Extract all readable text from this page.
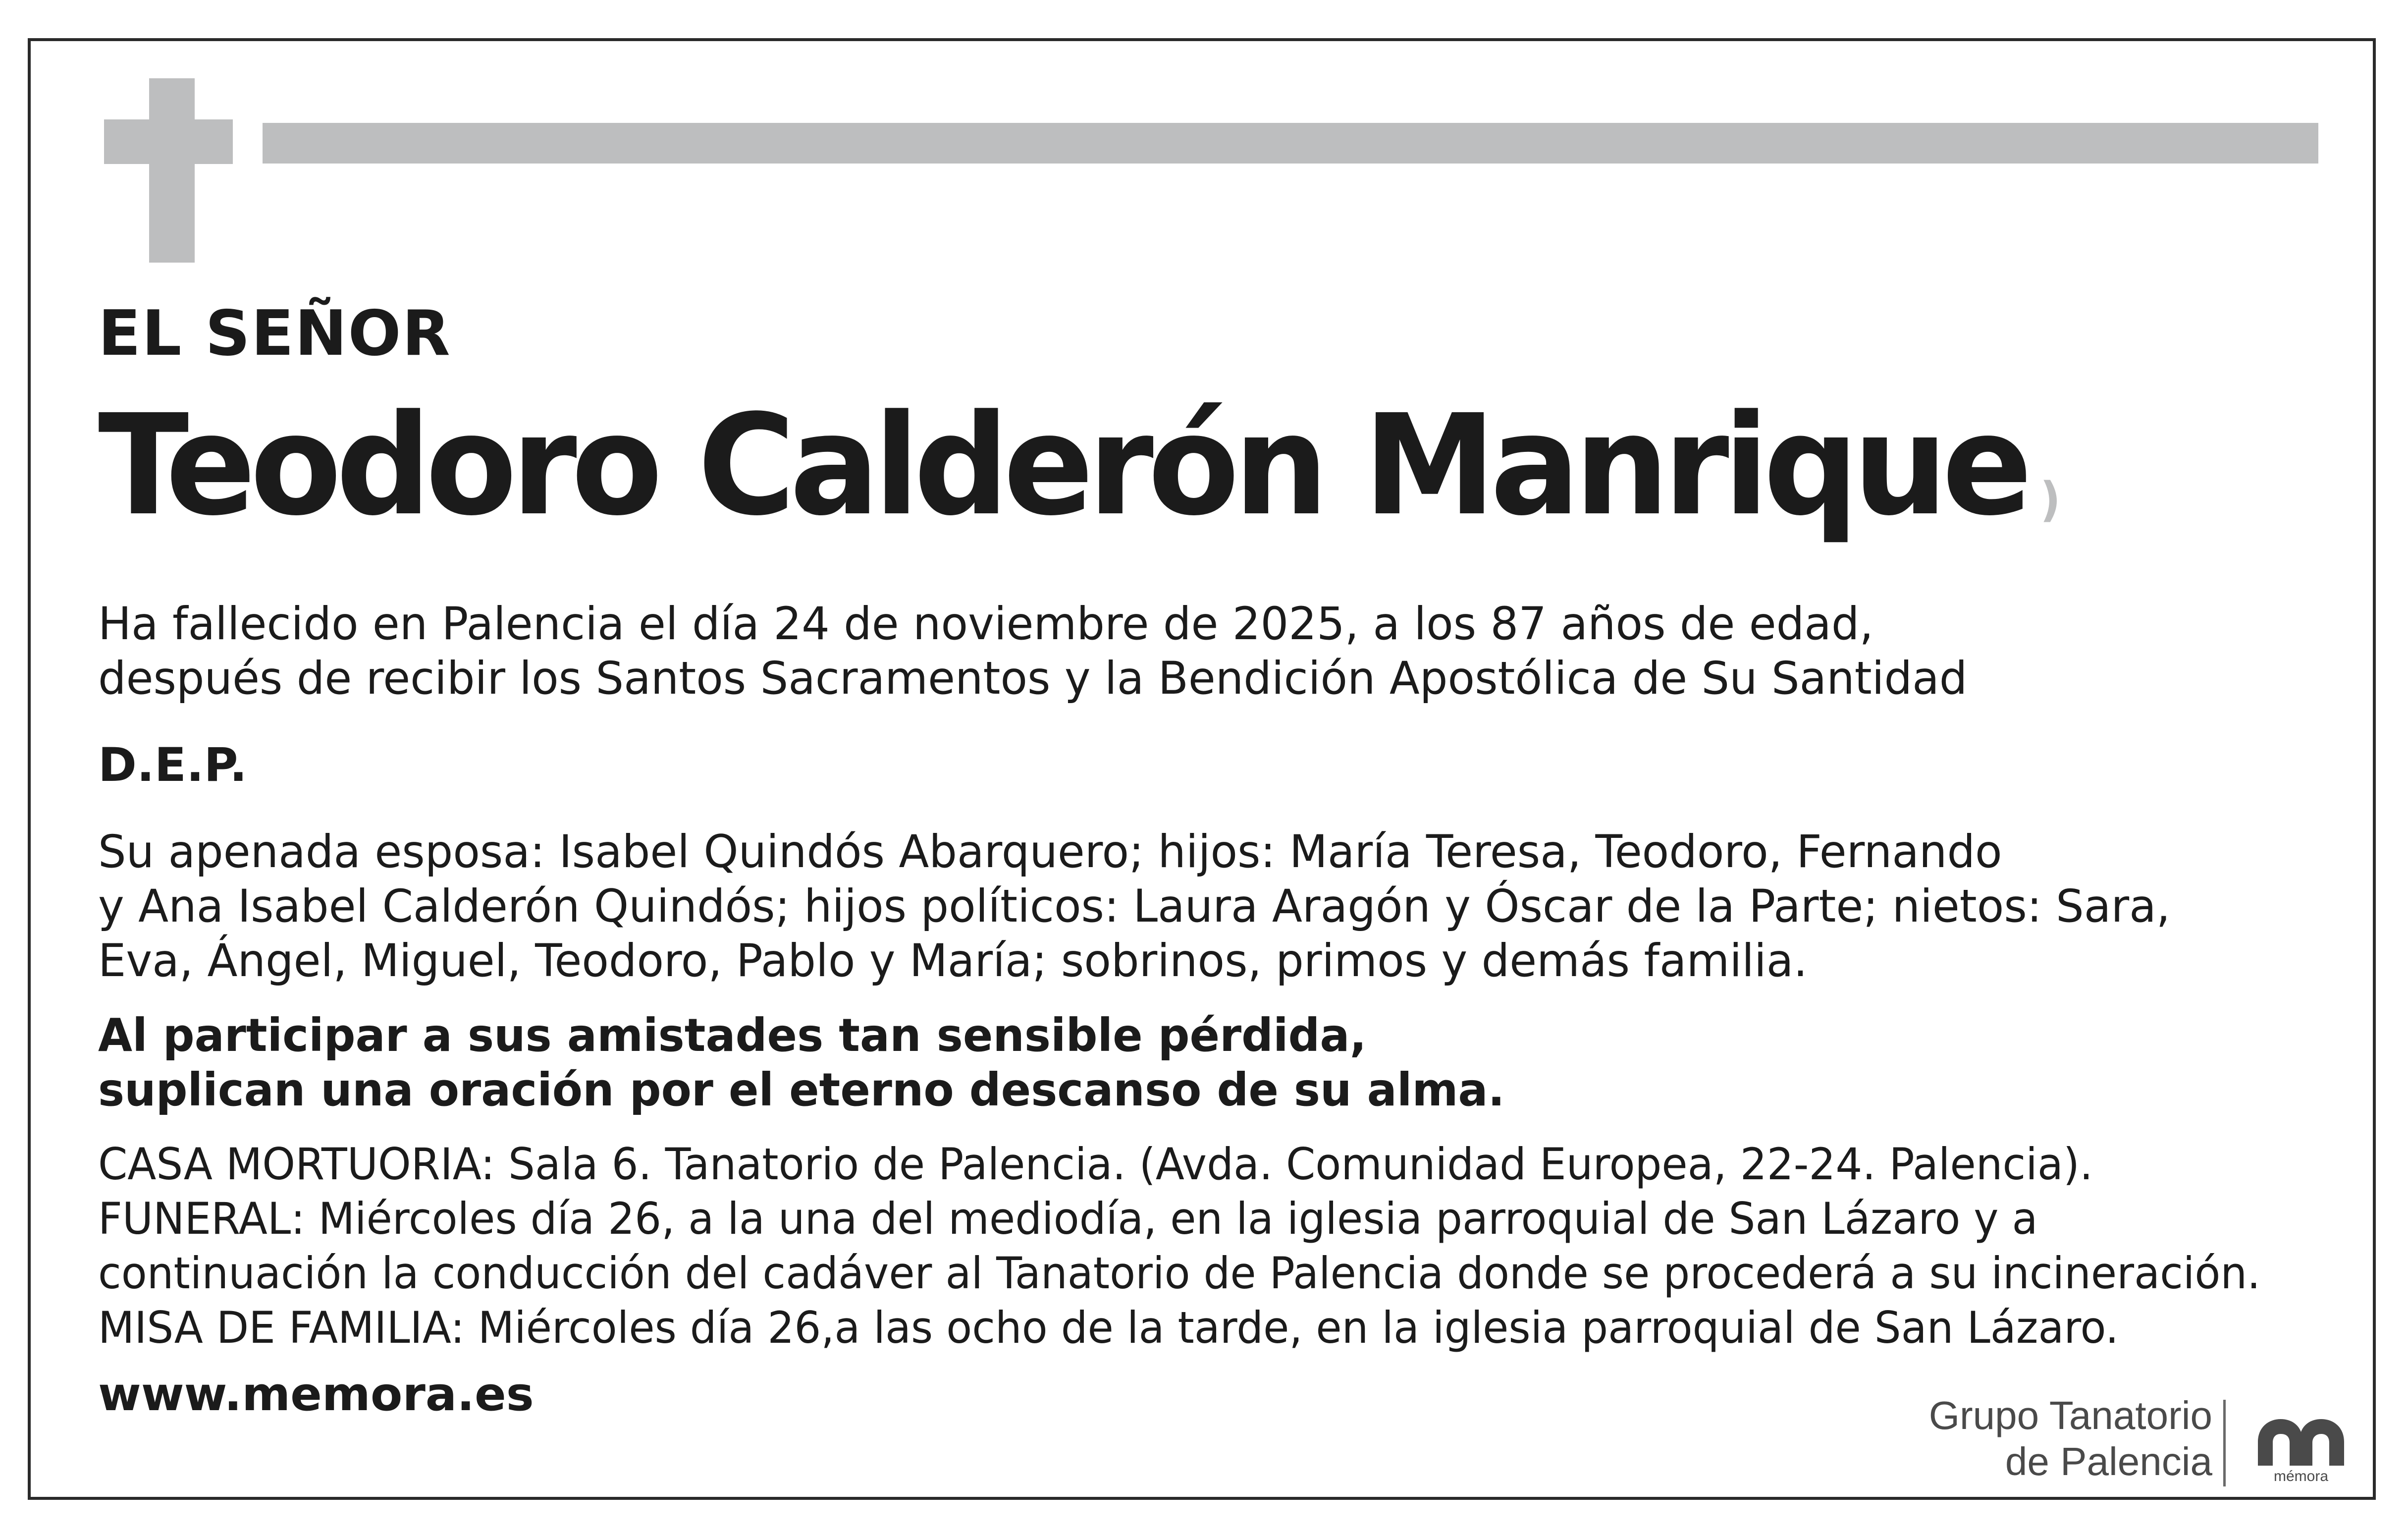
EL SEÑOR
Teodoro Calderón Manrique )
Ha fallecido en Palencia el día 24 de noviembre de 2025, a los 87 años de edad,
después de recibir los Santos Sacramentos y la Bendición Apostólica de Su Santidad
D.E.P.
Su apenada esposa: Isabel Quindós Abarquero; hijos: María Teresa, Teodoro, Fernando
y Ana Isabel Calderón Quindós; hijos políticos: Laura Aragón y Óscar de la Parte; nietos: Sara,
Eva, Ángel, Miguel, Teodoro, Pablo y María; sobrinos, primos y demás familia.
Al participar a sus amistades tan sensible pérdida,
suplican una oración por el eterno descanso de su alma.
CASA MORTUORIA: Sala 6. Tanatorio de Palencia. (Avda. Comunidad Europea, 22-24. Palencia).
FUNERAL: Miércoles día 26, a la una del mediodía, en la iglesia parroquial de San Lázaro y a
continuación la conducción del cadáver al Tanatorio de Palencia donde se procederá a su incineración.
MISA DE FAMILIA: Miércoles día 26,a las ocho de la tarde, en la iglesia parroquial de San Lázaro.
www.memora.es	Grupo Tanatorio
de Palencia	mémora
